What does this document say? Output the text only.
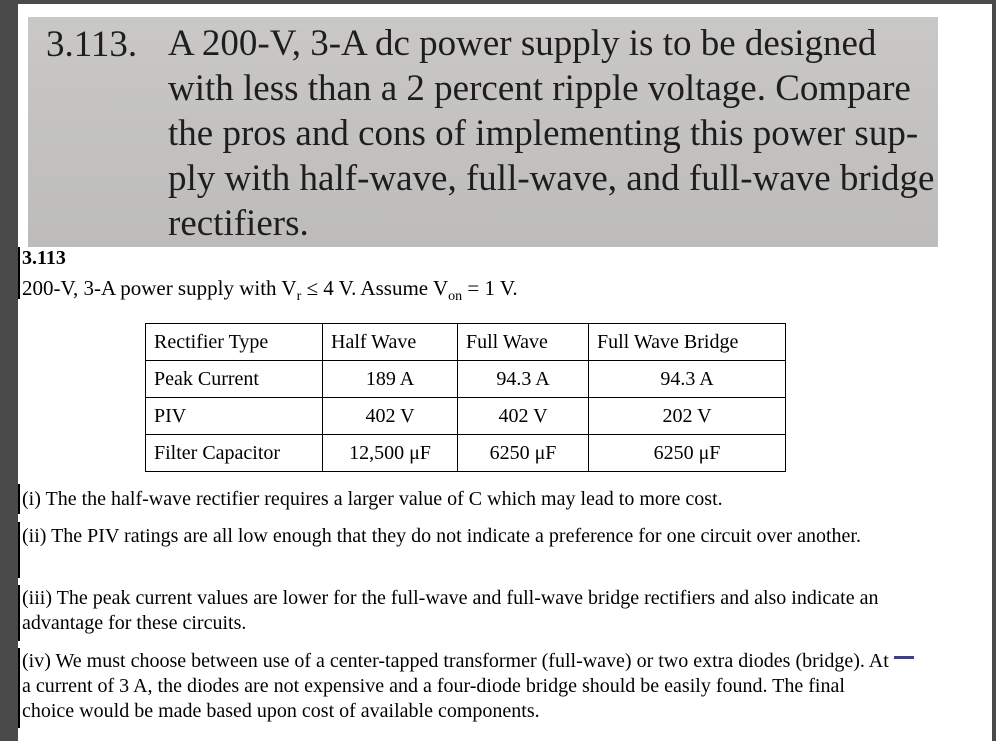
3.113. A 200-V, 3-A dc power supply is to be designed
with less than a 2 percent ripple voltage. Compare
the pros and cons of implementing this power sup-
ply with half-wave, full-wave, and full-wave bridge
rectifiers.
3.113
200-V, 3-A power supply with $V_r \le 4$ V. Assume $V_{on} = 1$ V.
Rectifier Type	Half Wave	Full Wave	Full Wave Bridge
Peak Current	189 A	94.3 A	94.3 A
PIV	402 V	402 V	202 V
Filter Capacitor	12,500 μF	6250 μF	6250 μF
(i) The the half-wave rectifier requires a larger value of C which may lead to more cost.
(ii) The PIV ratings are all low enough that they do not indicate a preference for one circuit over another.
(iii) The peak current values are lower for the full-wave and full-wave bridge rectifiers and also indicate an advantage for these circuits.
(iv) We must choose between use of a center-tapped transformer (full-wave) or two extra diodes (bridge). At a current of 3 A, the diodes are not expensive and a four-diode bridge should be easily found. The final choice would be made based upon cost of available components.
